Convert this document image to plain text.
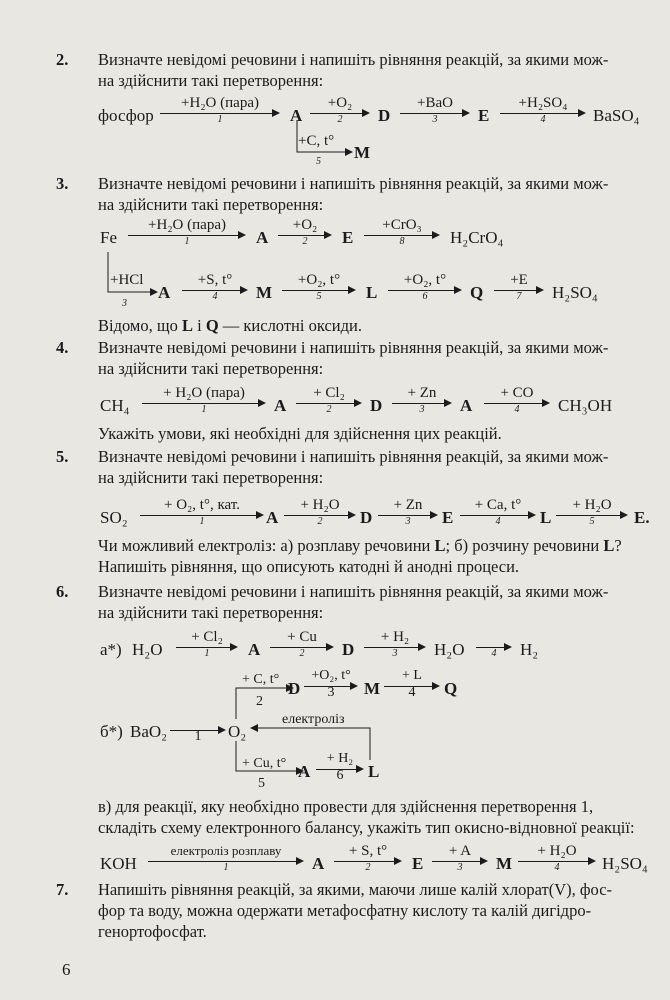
2. Визначте невідомі речовини і напишіть рівняння реакцій, за якими мож-
на здійснити такі перетворення:
фосфор
+H₂O (пара)
1	A
+O₂
2	D
+BaO
3	E
+H₂SO₄
4	BaSO₄
+C, t°
5 M
3. Визначте невідомі речовини і напишіть рівняння реакцій, за якими мож-
на здійснити такі перетворення:
Fe
+H₂O (пара)
1	A
+O₂
2	E
+CrO₃
8	H₂CrO₄
+HCl
3
A
+S, t°
4	M
+O₂, t°
5	L
+O₂, t°
6	Q
+E
7	H₂SO₄
Відомо, що L і Q — кислотні оксиди.
4. Визначте невідомі речовини і напишіть рівняння реакцій, за якими мож-
на здійснити такі перетворення:
CH₄
+ H₂O (пара)
1	A
+ Cl₂
2	D
+ Zn
3	A
+ CO
4	CH₃OH
Укажіть умови, які необхідні для здійснення цих реакцій.
5. Визначте невідомі речовини і напишіть рівняння реакцій, за якими мож-
на здійснити такі перетворення:
SO₂
+ O₂, t°, кат.
1	A
+ H₂O
2	D
+ Zn
3	E
+ Ca, t°
4	L
+ H₂O
5	E.
Чи можливий електроліз: а) розплаву речовини L; б) розчину речовини L?
Напишіть рівняння, що описують катодні й анодні процеси.
6. Визначте невідомі речовини і напишіть рівняння реакцій, за якими мож-
на здійснити такі перетворення:
а*) H₂O
+ Cl₂
1	A
+ Cu
2	D
+ H₂
3	H₂O	4	H₂
+ C, t°
2
D
+O₂, t°
3	M
+ L
4	Q
б*) BaO₂	1	O₂
електроліз
+ Cu, t°
5
A
+ H₂
6	L
в) для реакції, яку необхідно провести для здійснення перетворення 1,
складіть схему електронного балансу, укажіть тип окисно-відновної реакції:
KOH
електроліз розплаву
1	A
+ S, t°
2	E
+ A
3	M
+ H₂O
4	H₂SO₄
7. Напишіть рівняння реакцій, за якими, маючи лише калій хлорат(V), фос-
фор та воду, можна одержати метафосфатну кислоту та калій дигідро-
генортофосфат.
6
